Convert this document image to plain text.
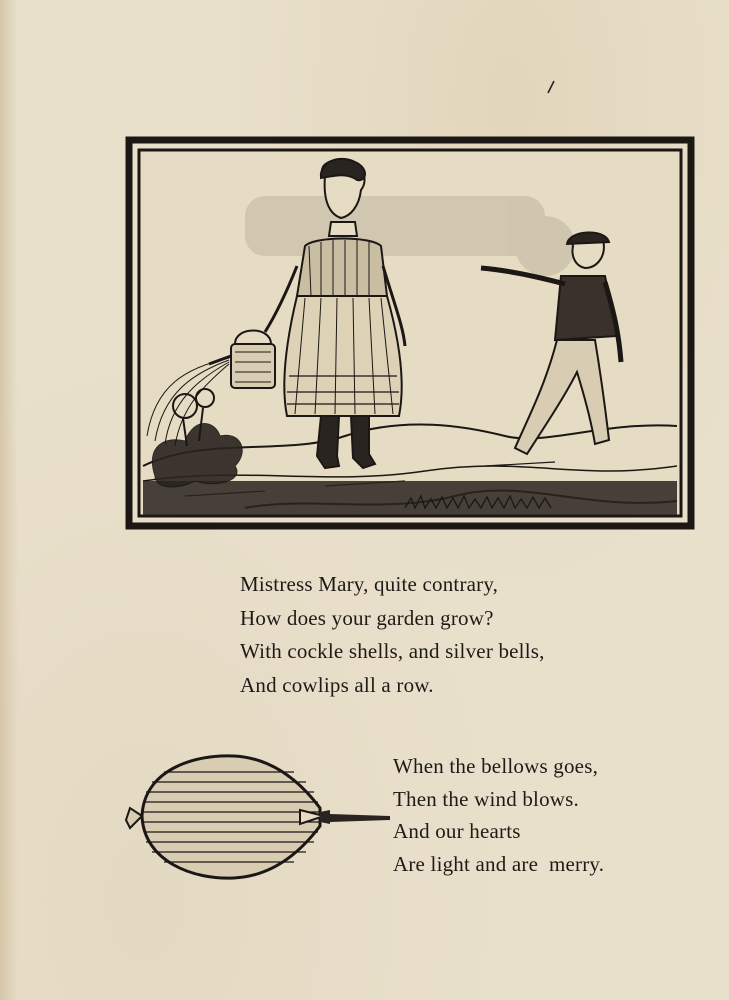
Mistress Mary, quite contrary,
How does your garden grow?
With cockle shells, and silver bells,
And cowlips all a row.

When the bellows goes,
Then the wind blows.
And our hearts
Are light and are  merry.
